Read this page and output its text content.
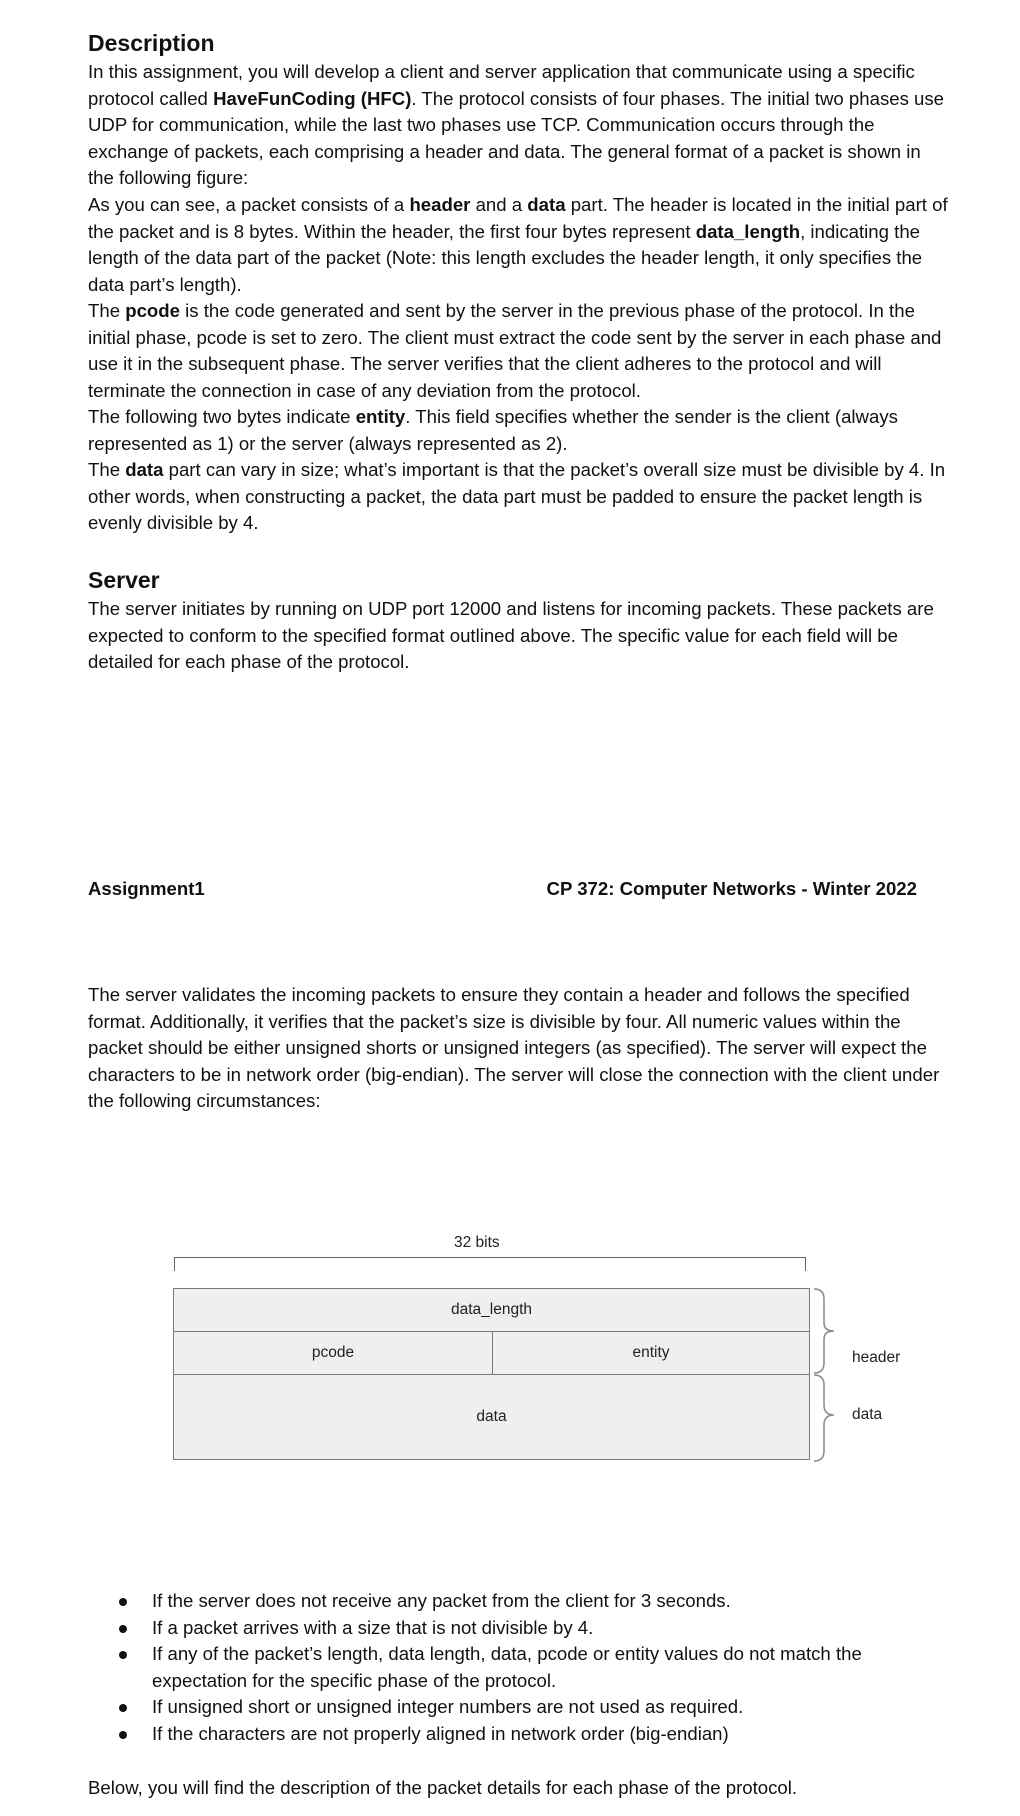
Description

In this assignment, you will develop a client and server application that communicate using a specific protocol called HaveFunCoding (HFC). The protocol consists of four phases. The initial two phases use UDP for communication, while the last two phases use TCP. Communication occurs through the exchange of packets, each comprising a header and data. The general format of a packet is shown in the following figure:

As you can see, a packet consists of a header and a data part. The header is located in the initial part of the packet and is 8 bytes. Within the header, the first four bytes represent data_length, indicating the length of the data part of the packet (Note: this length excludes the header length, it only specifies the data part’s length).

The pcode is the code generated and sent by the server in the previous phase of the protocol. In the initial phase, pcode is set to zero. The client must extract the code sent by the server in each phase and use it in the subsequent phase. The server verifies that the client adheres to the protocol and will terminate the connection in case of any deviation from the protocol.

The following two bytes indicate entity. This field specifies whether the sender is the client (always represented as 1) or the server (always represented as 2).

The data part can vary in size; what’s important is that the packet’s overall size must be divisible by 4. In other words, when constructing a packet, the data part must be padded to ensure the packet length is evenly divisible by 4.

Server

The server initiates by running on UDP port 12000 and listens for incoming packets. These packets are expected to conform to the specified format outlined above. The specific value for each field will be detailed for each phase of the protocol.

Assignment1	CP 372: Computer Networks - Winter 2022

The server validates the incoming packets to ensure they contain a header and follows the specified format. Additionally, it verifies that the packet’s size is divisible by four. All numeric values within the packet should be either unsigned shorts or unsigned integers (as specified). The server will expect the characters to be in network order (big-endian). The server will close the connection with the client under the following circumstances:

32 bits
data_length
pcode	entity
data
header
data
If the server does not receive any packet from the client for 3 seconds.
If a packet arrives with a size that is not divisible by 4.
If any of the packet’s length, data length, data, pcode or entity values do not match the expectation for the specific phase of the protocol.
If unsigned short or unsigned integer numbers are not used as required.
If the characters are not properly aligned in network order (big-endian)

Below, you will find the description of the packet details for each phase of the protocol.
